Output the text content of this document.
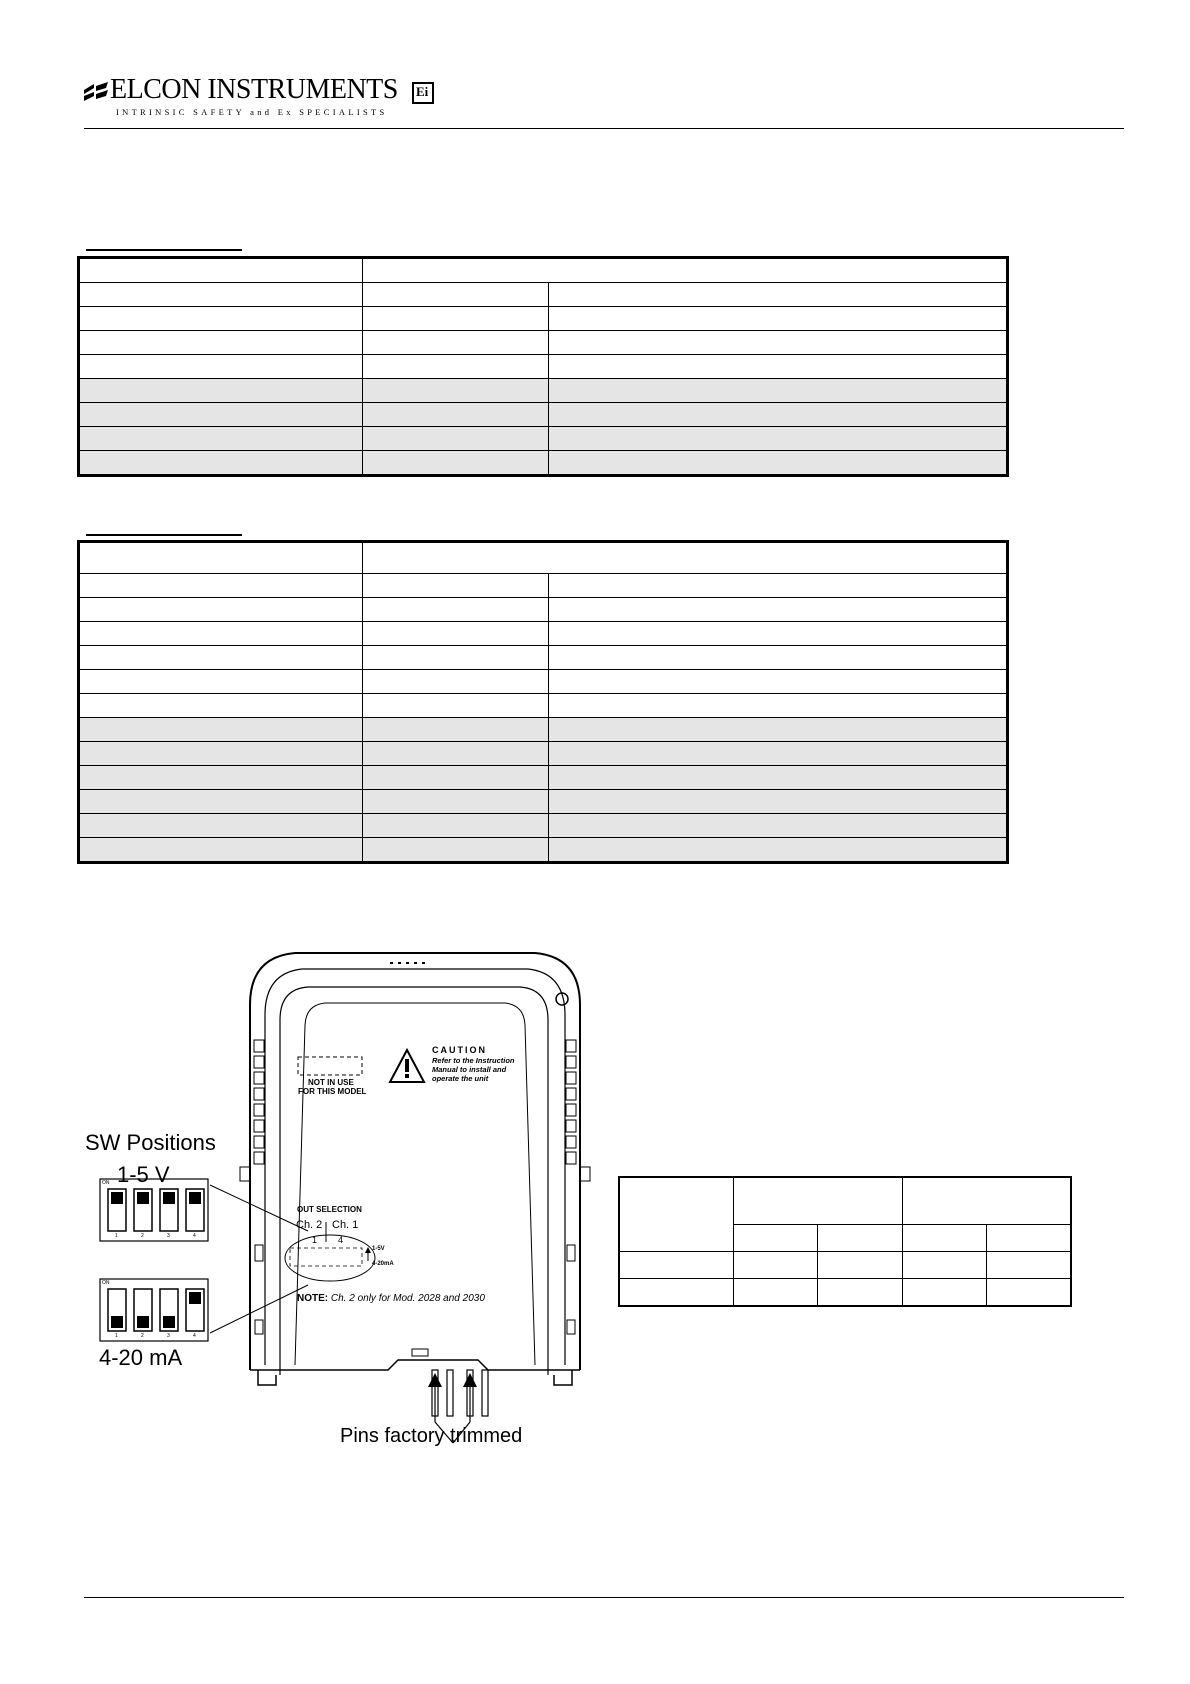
ELCON INSTRUMENTS Ei
INTRINSIC SAFETY and Ex SPECIALISTS

SW Positions
1-5 V
4-20 mA
ON
ON
1	2	3	4
1	2	3	4
NOT IN USE
FOR THIS MODEL
CAUTION
Refer to the Instruction
Manual to install and
operate the unit
OUT SELECTION
Ch. 2 Ch. 1
1 4
1-5V
4-20mA
NOTE: Ch. 2 only for Mod. 2028 and 2030
Pins factory trimmed
